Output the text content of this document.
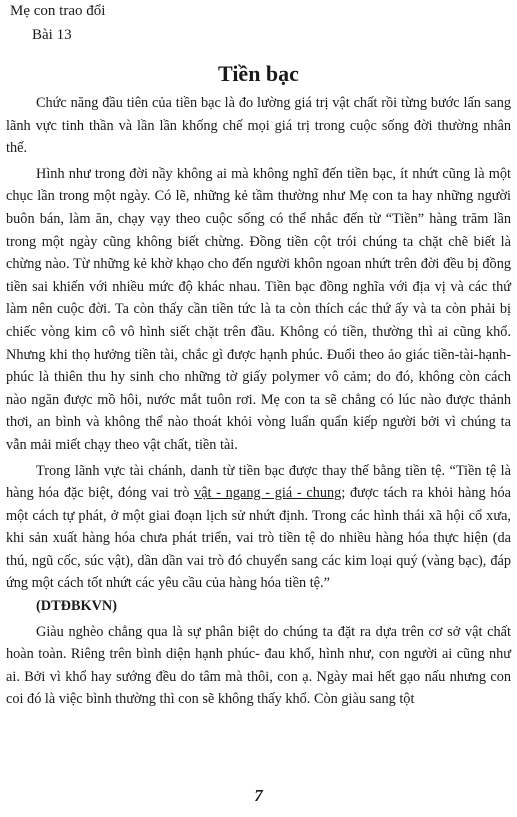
Mẹ con trao đổi
Bài 13
Tiền bạc

Chức năng đầu tiên của tiền bạc là đo lường giá trị vật chất rồi từng bước lấn sang lãnh vực tinh thần và lần lần khống chế mọi giá trị trong cuộc sống đời thường nhân thế.

Hình như trong đời nầy không ai mà không nghĩ đến tiền bạc, ít nhứt cũng là một chục lần trong một ngày. Có lẽ, những kẻ tầm thường như Mẹ con ta hay những người buôn bán, làm ăn, chạy vạy theo cuộc sống có thể nhắc đến từ “Tiền” hàng trăm lần trong một ngày cũng không biết chừng. Đồng tiền cột trói chúng ta chặt chẽ biết là chừng nào. Từ những kẻ khờ khạo cho đến người khôn ngoan nhứt trên đời đều bị đồng tiền sai khiến với nhiều mức độ khác nhau. Tiền bạc đồng nghĩa với địa vị và các thứ làm nên cuộc đời. Ta còn thấy cần tiền tức là ta còn thích các thứ ấy và ta còn phải bị chiếc vòng kim cô vô hình siết chặt trên đầu. Không có tiền, thường thì ai cũng khổ. Nhưng khi thọ hưởng tiền tài, chắc gì được hạnh phúc. Đuổi theo ảo giác tiền-tài-hạnh-phúc là thiên thu hy sinh cho những tờ giấy polymer vô cảm; do đó, không còn cách nào ngăn được mồ hôi, nước mắt tuôn rơi. Mẹ con ta sẽ chẳng có lúc nào được thảnh thơi, an bình và không thể nào thoát khỏi vòng luẩn quẩn kiếp người bởi vì chúng ta vẫn mải miết chạy theo vật chất, tiền tài.

Trong lãnh vực tài chánh, danh từ tiền bạc được thay thế bằng tiền tệ. “Tiền tệ là hàng hóa đặc biệt, đóng vai trò vật - ngang - giá - chung; được tách ra khỏi hàng hóa một cách tự phát, ở một giai đoạn lịch sử nhứt định. Trong các hình thái xã hội cổ xưa, khi sản xuất hàng hóa chưa phát triển, vai trò tiền tệ do nhiều hàng hóa thực hiện (da thú, ngũ cốc, súc vật), dần dần vai trò đó chuyển sang các kim loại quý (vàng bạc), đáp ứng một cách tốt nhứt các yêu cầu của hàng hóa tiền tệ.”

(DTĐBKVN)

Giàu nghèo chẳng qua là sự phân biệt do chúng ta đặt ra dựa trên cơ sở vật chất hoàn toàn. Riêng trên bình diện hạnh phúc- đau khổ, hình như, con người ai cũng như ai. Bởi vì khổ hay sướng đều do tâm mà thôi, con ạ. Ngày mai hết gạo nấu nhưng con coi đó là việc bình thường thì con sẽ không thấy khổ. Còn giàu sang tột

7
